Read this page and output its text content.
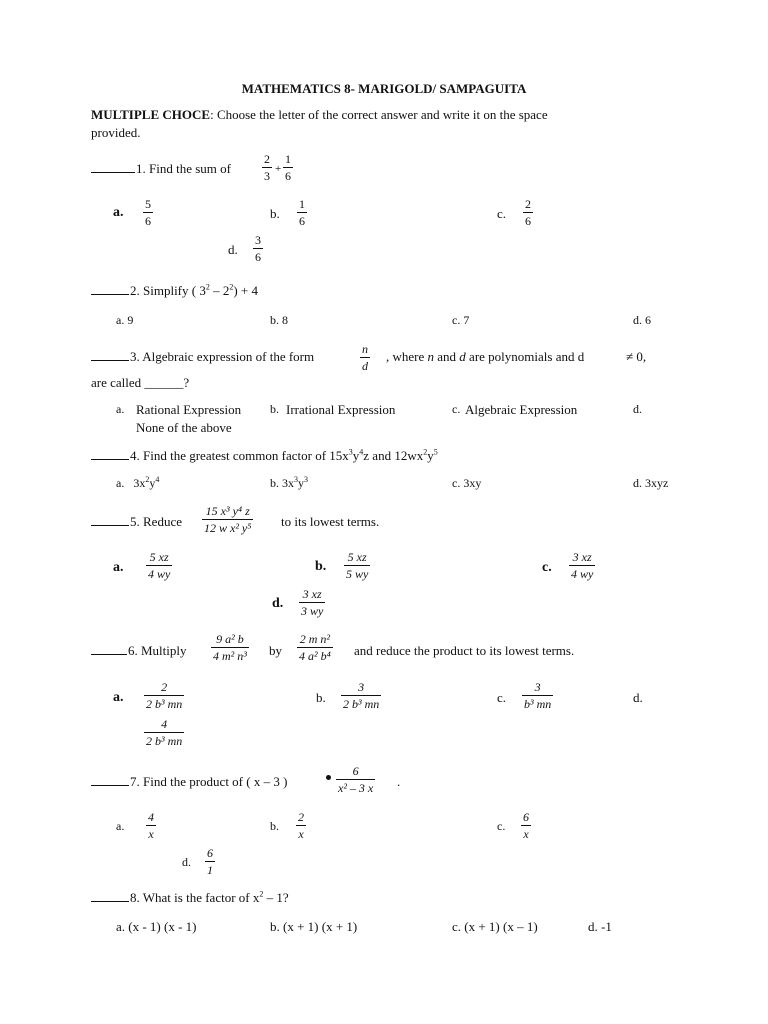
MATHEMATICS 8- MARIGOLD/ SAMPAGUITA
MULTIPLE CHOCE: Choose the letter of the correct answer and write it on the space
provided.
1. Find the sum of	$\frac{2}{3} + \frac{1}{6}$
a. $\frac{5}{6}$	b. $\frac{1}{6}$	c. $\frac{2}{6}$
d. $\frac{3}{6}$
2. Simplify ( $3^2 - 2^2) + 4$
a. 9	b. 8	c. 7	d. 6
3. Algebraic expression of the form	$\frac{n}{d}$ , where n and d are polynomials and d	≠ 0,
are called ______?
a. Rational Expression b. Irrational Expression	c. Algebraic Expression	d.
None of the above
4. Find the greatest common factor of $15x^3y^4z$ and $12wx^2y^5$
a. $3x^2y^4$	b. $3x^3y^3$	c. 3xy	d. 3xyz
5. Reduce $\frac{\text{15 x³ y⁴ z}}{\text{12 w x² y⁵}}$ to its lowest terms.
a. $\frac{5 xz}{4 wy}$	b. $\frac{5 xz}{5 wy}$	c. $\frac{3 xz}{4 wy}$
d. $\frac{3 xz}{3 wy}$
6. Multiply $\frac{\text{9 a² b}}{\text{4 m² n³}}$ by $\frac{\text{2 m n²}}{\text{4 a² b⁴}}$ and reduce the product to its lowest terms.
a. $\frac{2}{\text{2 b³ mn}}$	b. $\frac{3}{\text{2 b³ mn}}$	c. $\frac{3}{\text{b³ mn}}$	d.
$\frac{4}{\text{2 b³ mn}}$
7. Find the product of ( x – 3 )	$\frac{6}{\text{x² – 3 x}}$ .
a. $\frac{4}{x}$	b. $\frac{2}{x}$	c. $\frac{6}{x}$
d. $\frac{6}{1}$
8. What is the factor of $x^2 - 1$?
a. (x - 1) (x - 1)	b. (x + 1) (x + 1)	c. (x + 1) (x – 1)	d. -1
